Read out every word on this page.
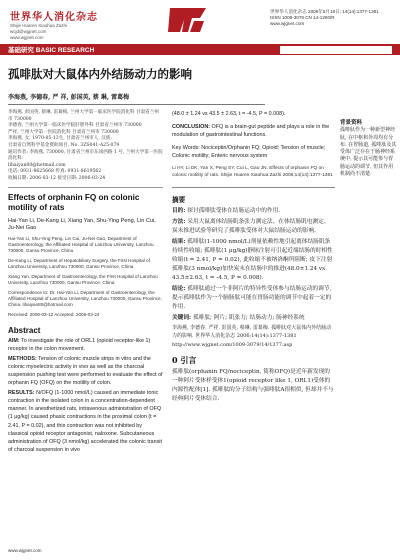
世界华人消化杂志
Shijie Huaren Xiaohua Zazhi
wcjd@wjgnet.com
www.wjgnet.com
世界华人消化杂志 2006年5月18日; 14(14):1377-1381
ISSN 1009-3079 CN 14-1260/R
www.wjgnet.com
基础研究 BASIC RESEARCH
孤啡肽对大鼠体内外结肠动力的影响
李海燕, 李德春, 严 祥, 彭国英, 蔡 琳, 雷葛梅
背景资料
孤啡肽作为一种新型神经肽, 在中枢和外周均有分布. 在胃肠道, 孤啡肽及其受体广泛存在于肠神经系统中, 提示其可能参与胃肠运动的调节, 但其作用机制尚不清楚.

李海燕, 彭国英, 蔡琳, 雷葛梅, 兰州大学第一临床医学院消化科 甘肃省兰州市 730000

李德春, 兰州大学第一临床医学院肝胆外科 甘肃省兰州市 730000

严祥, 兰州大学第一医院消化科 甘肃省兰州市 730000

李海燕, 女, 1970-05-13生, 甘肃省兰州市人, 汉族.

甘肃省自然科学基金资助项目, No. 3ZS041-A25-079

通讯作者: 李海燕, 730000, 甘肃省兰州市东岗西路 1 号, 兰州大学第一医院消化科.

lihaiyan80@hotmail.com

电话: 0931-8625668 传真: 0931-8619562

收稿日期: 2006-03-12 接受日期: 2006-03-24

Effects of orphanin FQ on colonic motility of rats
Hai-Yan Li, De-Kang Li, Xiang Yan, Shu-Ying Peng, Lin Cui, Ju-Nei Gao
Hai-Yan Li, Shu-Ying Peng, Lin Cui, Ju-Nei Gao, Department of Gastroenterology, the Affiliated Hospital of Lanzhou University, Lanzhou 730000, Gansu Province, China
De-Kang Li, Department of Hepatobiliary Surgery, the First Hospital of Lanzhou University, Lanzhou 730000, Gansu Province, China
Xiang Yan, Department of Gastroenterology, the First Hospital of Lanzhou University, Lanzhou 730000, Gansu Province, China
Correspondence to: Dr. Hai-Yan Li, Department of Gastroenterology, the Affiliated Hospital of Lanzhou University, Lanzhou 730000, Gansu Province, China. lihaiyan80@hotmail.com
Received: 2006-03-12 Accepted: 2006-03-24
Abstract
AIM: To investigate the role of ORL1 (opioid receptor-like 1) receptor in the colon movement.
METHODS: Tension of colonic muscle strips in vitro and the colonic myoelectric activity in vivo as well as the charcoal suspension pushing test were performed to evaluate the effect of orphanin FQ (OFQ) on the motility of colon.
RESULTS: N/OFQ (1-1000 nmol/L) caused an immediate tonic contraction in the isolated colon in a concentration-dependent manner. In anesthetized rats, intravenous administration of OFQ (1 μg/kg) caused phasic contractions in the proximal colon (t = 2.41, P = 0.02), and this contraction was not inhibited by classical opioid receptor antagonist, naloxone. Subcutaneous administration of OFQ (3 nmol/kg) accelerated the colonic transit of charcoal suspension in vivo
(48.0 ± 1.24 vs 43.5 ± 2.63, t = -4.5, P = 0.008).
CONCLUSION: OFQ is a brain-gut peptide and plays a role in the modulation of gastrointestinal functions.
Key Words: Nociceptin/Orphanin FQ; Opioid; Tension of muscle; Colonic motility; Enteric nervous system
Li HY, Li DK, Yan X, Peng SY, Cui L, Gao JN. Effects of orphanin FQ on colonic motility of rats. Shijie Huaren Xiaohua Zazhi 2006;14(14):1377-1381
摘要
目的: 探讨孤啡肽受体在结肠运动中的作用.
方法: 采用大鼠离体结肠肌条张力测定法、在体结肠肌电测定、炭末推进试验等研究了孤啡肽受体对大鼠结肠运动的影响.
结果: 孤啡肽(1-1000 nmol/L)剂量依赖性地引起离体结肠肌条持续性收缩; 孤啡肽(1 μg/kg)静脉注射可引起近端结肠的时相性收缩(t = 2.41, P = 0.02), 此收缩不被纳洛酮所阻断; 皮下注射孤啡肽(3 nmol/kg)加快炭末在结肠中的推进(48.0±1.24 vs 43.5±2.63, t = -4.5, P = 0.008).
结论: 孤啡肽通过一个非阿片的特异性受体参与结肠运动的调节, 提示孤啡肽作为一个脑肠肽可能在胃肠功能的调节中起着一定的作用.
关键词: 孤啡肽; 阿片; 肌张力; 结肠动力; 肠神经系统
李海燕, 李德春, 严祥, 彭国英, 蔡琳, 雷葛梅. 孤啡肽对大鼠体内外结肠动力的影响. 世界华人消化杂志 2006;14(14):1377-1381
http://www.wjgnet.com/1009-3079/14/1377.asp
0 引言
孤啡肽(orphanin FQ/nociceptin, 简称OFQ)是近年新发现的一种阿片受体样受体1(opioid receptor like 1, ORL1)受体的内源性配体[1]. 孤啡肽的分子结构与强啡肽A很相似, 但却并不与经典阿片受体结合.
www.wjgnet.com
